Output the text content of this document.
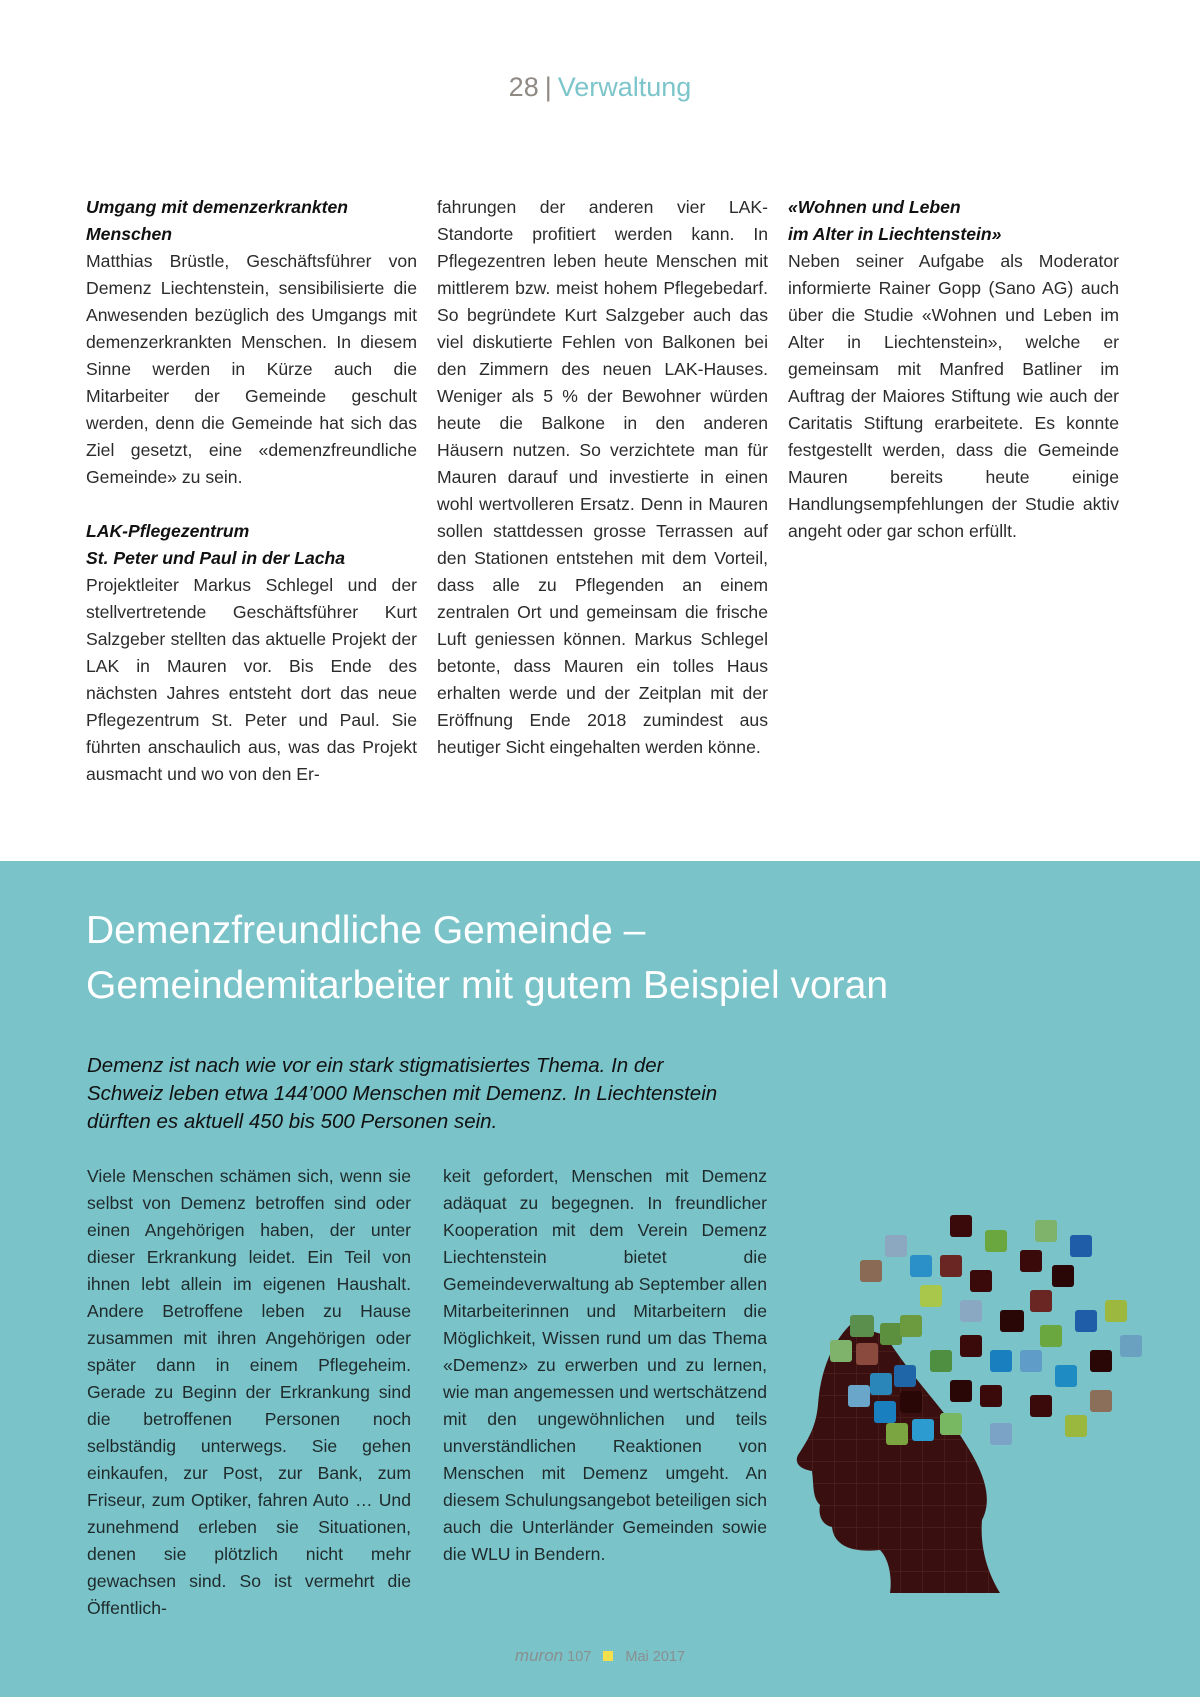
28 | Verwaltung
Umgang mit demenzerkrankten
Menschen

Matthias Brüstle, Geschäftsführer von Demenz Liechtenstein, sensibilisierte die Anwesenden bezüglich des Umgangs mit demenzerkrankten Menschen. In diesem Sinne werden in Kürze auch die Mitarbeiter der Gemeinde geschult werden, denn die Gemeinde hat sich das Ziel gesetzt, eine «demenzfreundliche Gemeinde» zu sein.

LAK-Pflegezentrum
St. Peter und Paul in der Lacha

Projektleiter Markus Schlegel und der stellvertretende Geschäftsführer Kurt Salzgeber stellten das aktuelle Projekt der LAK in Mauren vor. Bis Ende des nächsten Jahres entsteht dort das neue Pflegezentrum St. Peter und Paul. Sie führten anschaulich aus, was das Projekt ausmacht und wo von den Er-

fahrungen der anderen vier LAK-Standorte profitiert werden kann. In Pflegezentren leben heute Menschen mit mittlerem bzw. meist hohem Pflegebedarf. So begründete Kurt Salzgeber auch das viel diskutierte Fehlen von Balkonen bei den Zimmern des neuen LAK-Hauses. Weniger als 5 % der Bewohner würden heute die Balkone in den anderen Häusern nutzen. So verzichtete man für Mauren darauf und investierte in einen wohl wertvolleren Ersatz. Denn in Mauren sollen stattdessen grosse Terrassen auf den Stationen entstehen mit dem Vorteil, dass alle zu Pflegenden an einem zentralen Ort und gemeinsam die frische Luft geniessen können. Markus Schlegel betonte, dass Mauren ein tolles Haus erhalten werde und der Zeitplan mit der Eröffnung Ende 2018 zumindest aus heutiger Sicht eingehalten werden könne.

«Wohnen und Leben
im Alter in Liechtenstein»

Neben seiner Aufgabe als Moderator informierte Rainer Gopp (Sano AG) auch über die Studie «Wohnen und Leben im Alter in Liechtenstein», welche er gemeinsam mit Manfred Batliner im Auftrag der Maiores Stiftung wie auch der Caritatis Stiftung erarbeitete. Es konnte festgestellt werden, dass die Gemeinde Mauren bereits heute einige Handlungsempfehlungen der Studie aktiv angeht oder gar schon erfüllt.

Demenzfreundliche Gemeinde –
Gemeindemitarbeiter mit gutem Beispiel voran

Demenz ist nach wie vor ein stark stigmatisiertes Thema. In der
Schweiz leben etwa 144’000 Menschen mit Demenz. In Liechtenstein
dürften es aktuell 450 bis 500 Personen sein.

Viele Menschen schämen sich, wenn sie selbst von Demenz betroffen sind oder einen Angehörigen haben, der unter dieser Erkrankung leidet. Ein Teil von ihnen lebt allein im eigenen Haushalt. Andere Betroffene leben zu Hause zusammen mit ihren Angehörigen oder später dann in einem Pflegeheim. Gerade zu Beginn der Erkrankung sind die betroffenen Personen noch selbständig unterwegs. Sie gehen einkaufen, zur Post, zur Bank, zum Friseur, zum Optiker, fahren Auto … Und zunehmend erleben sie Situationen, denen sie plötzlich nicht mehr gewachsen sind. So ist vermehrt die Öffentlich-

keit gefordert, Menschen mit Demenz adäquat zu begegnen. In freundlicher Kooperation mit dem Verein Demenz Liechtenstein bietet die Gemeindeverwaltung ab September allen Mitarbeiterinnen und Mitarbeitern die Möglichkeit, Wissen rund um das Thema «Demenz» zu erwerben und zu lernen, wie man angemessen und wertschätzend mit den ungewöhnlichen und teils unverständlichen Reaktionen von Menschen mit Demenz umgeht. An diesem Schulungsangebot beteiligen sich auch die Unterländer Gemeinden sowie die WLU in Bendern.

muron 107 Mai 2017
